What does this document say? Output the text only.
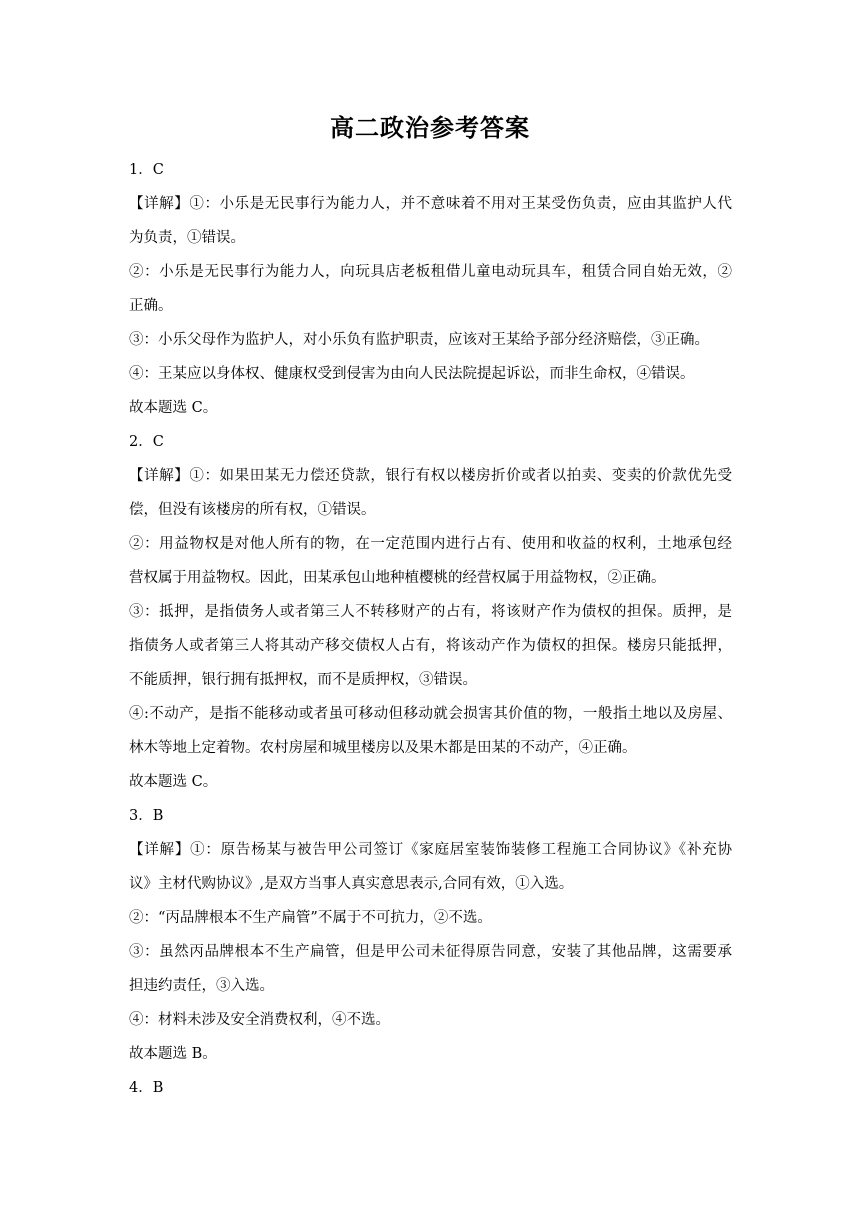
高二政治参考答案
1．C
【详解】①：小乐是无民事行为能力人，并不意味着不用对王某受伤负责，应由其监护人代
为负责，①错误。
②：小乐是无民事行为能力人，向玩具店老板租借儿童电动玩具车，租赁合同自始无效，②
正确。
③：小乐父母作为监护人，对小乐负有监护职责，应该对王某给予部分经济赔偿，③正确。
④：王某应以身体权、健康权受到侵害为由向人民法院提起诉讼，而非生命权，④错误。
故本题选 C。
2．C
【详解】①：如果田某无力偿还贷款，银行有权以楼房折价或者以拍卖、变卖的价款优先受
偿，但没有该楼房的所有权，①错误。
②：用益物权是对他人所有的物，在一定范围内进行占有、使用和收益的权利，土地承包经
营权属于用益物权。因此，田某承包山地种植樱桃的经营权属于用益物权，②正确。
③：抵押，是指债务人或者第三人不转移财产的占有，将该财产作为债权的担保。质押，是
指债务人或者第三人将其动产移交债权人占有，将该动产作为债权的担保。楼房只能抵押，
不能质押，银行拥有抵押权，而不是质押权，③错误。
④:不动产，是指不能移动或者虽可移动但移动就会损害其价值的物，一般指土地以及房屋、
林木等地上定着物。农村房屋和城里楼房以及果木都是田某的不动产，④正确。
故本题选 C。
3．B
【详解】①：原告杨某与被告甲公司签订《家庭居室装饰装修工程施工合同协议》《补充协
议》主材代购协议》,是双方当事人真实意思表示,合同有效，①入选。
②：“丙品牌根本不生产扁管”不属于不可抗力，②不选。
③：虽然丙品牌根本不生产扁管，但是甲公司未征得原告同意，安装了其他品牌，这需要承
担违约责任，③入选。
④：材料未涉及安全消费权利，④不选。
故本题选 B。
4．B
